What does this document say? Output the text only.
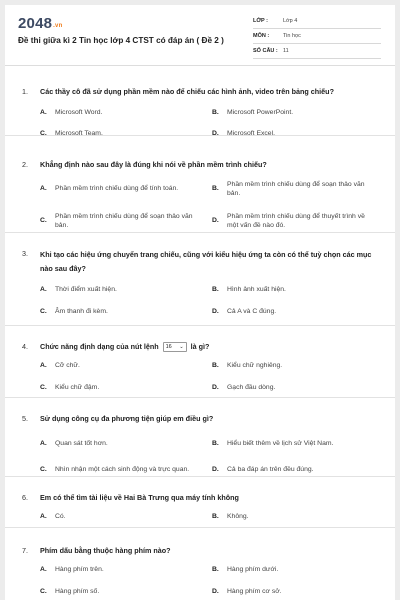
2048.vn
Đề thi giữa kì 2 Tin học lớp 4 CTST có đáp án ( Đề 2 )
LỚP :	Lớp 4
MÔN :	Tin học
SỐ CÂU : 11
1.	Các thầy cô đã sử dụng phần mềm nào để chiếu các hình ảnh, video trên bảng chiếu?
A.	Microsoft Word.	B.	Microsoft PowerPoint.
C.	Microsoft Team.	D.	Microsoft Excel.
2.	Khẳng định nào sau đây là đúng khi nói về phần mềm trình chiếu?
A.	Phần mềm trình chiếu dùng để tính toán.	B.
Phần mềm trình chiếu dùng để soạn thảo văn bản.
C.
Phần mềm trình chiếu dùng để soạn thảo văn bản.
D.
Phần mềm trình chiếu dùng để thuyết trình về một vấn đề nào đó.
3.	Khi tạo các hiệu ứng chuyển trang chiếu, cũng với kiểu hiệu ứng ta còn có thể tuỳ chọn các mục nào sau đây?
A.	Thời điểm xuất hiện.	B.	Hình ảnh xuất hiện.
C.	Âm thanh đi kèm.	D.	Cả A và C đúng.
4.	Chức năng định dạng của nút lệnh 16 ⌄ là gì?
A.	Cỡ chữ.	B.	Kiểu chữ nghiêng.
C.	Kiểu chữ đậm.	D.	Gạch đầu dòng.
5.	Sử dụng công cụ đa phương tiện giúp em điều gì?
A.	Quan sát tốt hơn.	B.	Hiểu biết thêm về lịch sử Việt Nam.
C.	Nhìn nhận một cách sinh động và trực quan.	D.	Cả ba đáp án trên đều đúng.
6.	Em có thể tìm tài liệu về Hai Bà Trưng qua máy tính không
A.	Có.	B.	Không.
7.	Phím dấu bằng thuộc hàng phím nào?
A.	Hàng phím trên.	B.	Hàng phím dưới.
C.	Hàng phím số.	D.	Hàng phím cơ sở.
